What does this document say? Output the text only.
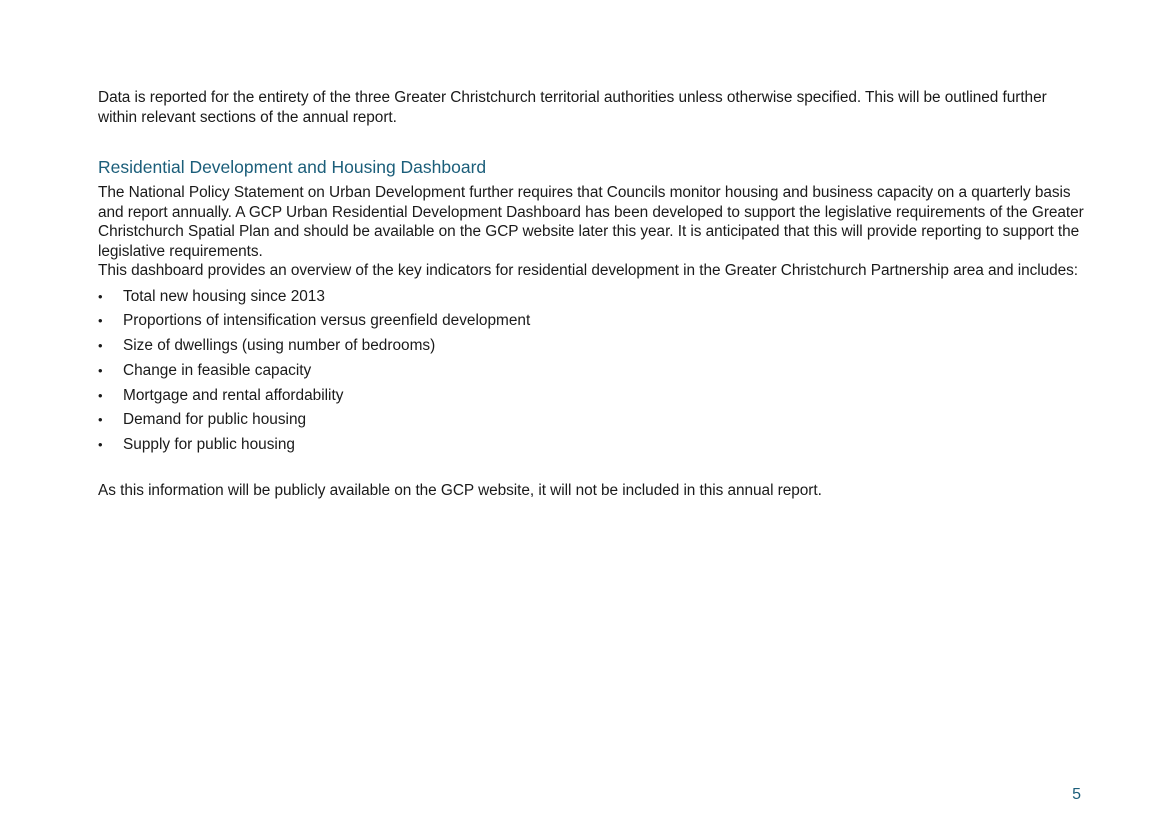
Data is reported for the entirety of the three Greater Christchurch territorial authorities unless otherwise specified. This will be outlined further within relevant sections of the annual report.

Residential Development and Housing Dashboard

The National Policy Statement on Urban Development further requires that Councils monitor housing and business capacity on a quarterly basis and report annually. A GCP Urban Residential Development Dashboard has been developed to support the legislative requirements of the Greater Christchurch Spatial Plan and should be available on the GCP website later this year. It is anticipated that this will provide reporting to support the legislative requirements.

This dashboard provides an overview of the key indicators for residential development in the Greater Christchurch Partnership area and includes:

• Total new housing since 2013
• Proportions of intensification versus greenfield development
• Size of dwellings (using number of bedrooms)
• Change in feasible capacity
• Mortgage and rental affordability
• Demand for public housing
• Supply for public housing

As this information will be publicly available on the GCP website, it will not be included in this annual report.

5
